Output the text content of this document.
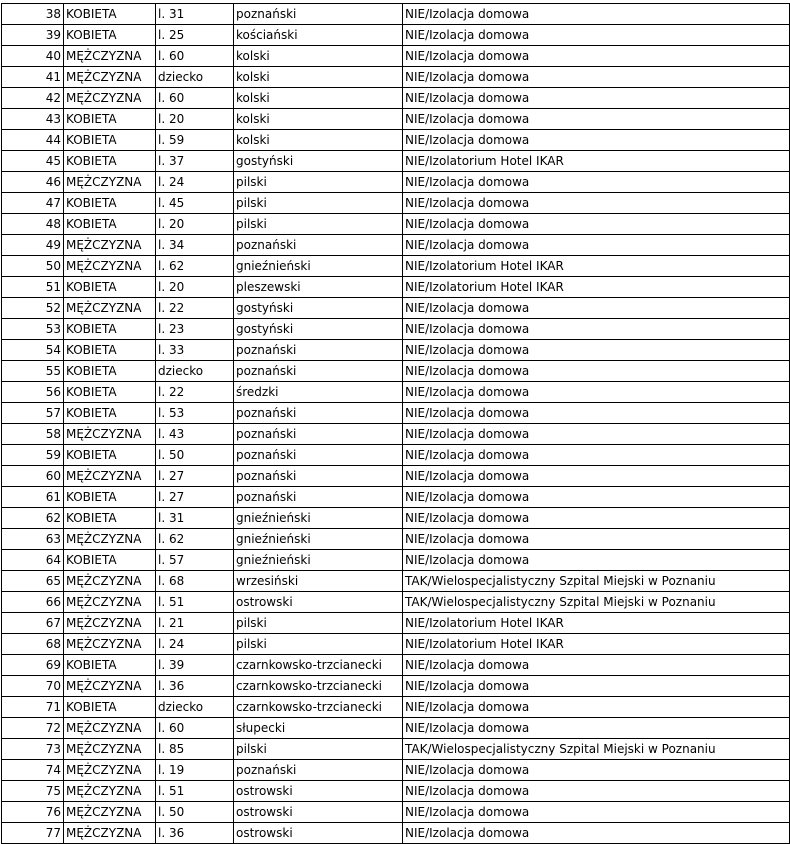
38	KOBIETA	l. 31	poznański	NIE/Izolacja domowa
39	KOBIETA	l. 25	kościański	NIE/Izolacja domowa
40	MĘŻCZYZNA	l. 60	kolski	NIE/Izolacja domowa
41	MĘŻCZYZNA	dziecko	kolski	NIE/Izolacja domowa
42	MĘŻCZYZNA	l. 60	kolski	NIE/Izolacja domowa
43	KOBIETA	l. 20	kolski	NIE/Izolacja domowa
44	KOBIETA	l. 59	kolski	NIE/Izolacja domowa
45	KOBIETA	l. 37	gostyński	NIE/Izolatorium Hotel IKAR
46	MĘŻCZYZNA	l. 24	pilski	NIE/Izolacja domowa
47	KOBIETA	l. 45	pilski	NIE/Izolacja domowa
48	KOBIETA	l. 20	pilski	NIE/Izolacja domowa
49	MĘŻCZYZNA	l. 34	poznański	NIE/Izolacja domowa
50	MĘŻCZYZNA	l. 62	gnieźnieński	NIE/Izolatorium Hotel IKAR
51	KOBIETA	l. 20	pleszewski	NIE/Izolatorium Hotel IKAR
52	MĘŻCZYZNA	l. 22	gostyński	NIE/Izolacja domowa
53	KOBIETA	l. 23	gostyński	NIE/Izolacja domowa
54	KOBIETA	l. 33	poznański	NIE/Izolacja domowa
55	KOBIETA	dziecko	poznański	NIE/Izolacja domowa
56	KOBIETA	l. 22	średzki	NIE/Izolacja domowa
57	KOBIETA	l. 53	poznański	NIE/Izolacja domowa
58	MĘŻCZYZNA	l. 43	poznański	NIE/Izolacja domowa
59	KOBIETA	l. 50	poznański	NIE/Izolacja domowa
60	MĘŻCZYZNA	l. 27	poznański	NIE/Izolacja domowa
61	KOBIETA	l. 27	poznański	NIE/Izolacja domowa
62	KOBIETA	l. 31	gnieźnieński	NIE/Izolacja domowa
63	MĘŻCZYZNA	l. 62	gnieźnieński	NIE/Izolacja domowa
64	KOBIETA	l. 57	gnieźnieński	NIE/Izolacja domowa
65	MĘŻCZYZNA	l. 68	wrzesiński	TAK/Wielospecjalistyczny Szpital Miejski w Poznaniu
66	MĘŻCZYZNA	l. 51	ostrowski	TAK/Wielospecjalistyczny Szpital Miejski w Poznaniu
67	MĘŻCZYZNA	l. 21	pilski	NIE/Izolatorium Hotel IKAR
68	MĘŻCZYZNA	l. 24	pilski	NIE/Izolatorium Hotel IKAR
69	KOBIETA	l. 39	czarnkowsko-trzcianecki	NIE/Izolacja domowa
70	MĘŻCZYZNA	l. 36	czarnkowsko-trzcianecki	NIE/Izolacja domowa
71	KOBIETA	dziecko	czarnkowsko-trzcianecki	NIE/Izolacja domowa
72	MĘŻCZYZNA	l. 60	słupecki	NIE/Izolacja domowa
73	MĘŻCZYZNA	l. 85	pilski	TAK/Wielospecjalistyczny Szpital Miejski w Poznaniu
74	MĘŻCZYZNA	l. 19	poznański	NIE/Izolacja domowa
75	MĘŻCZYZNA	l. 51	ostrowski	NIE/Izolacja domowa
76	MĘŻCZYZNA	l. 50	ostrowski	NIE/Izolacja domowa
77	MĘŻCZYZNA	l. 36	ostrowski	NIE/Izolacja domowa
